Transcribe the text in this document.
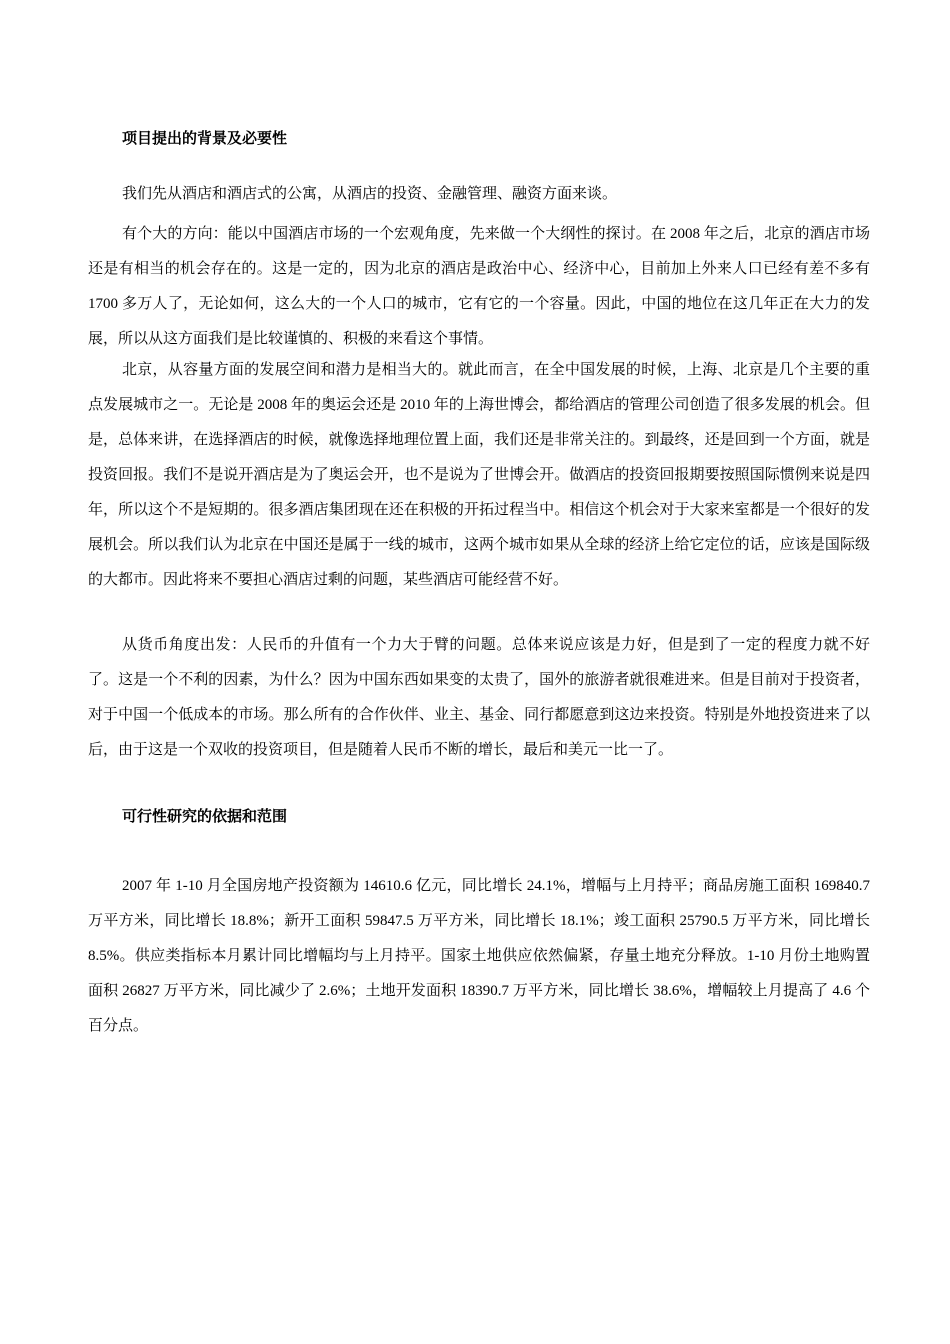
项目提出的背景及必要性

我们先从酒店和酒店式的公寓，从酒店的投资、金融管理、融资方面来谈。

有个大的方向：能以中国酒店市场的一个宏观角度，先来做一个大纲性的探讨。在 2008 年之后，北京的酒店市场还是有相当的机会存在的。这是一定的，因为北京的酒店是政治中心、经济中心，目前加上外来人口已经有差不多有 1700 多万人了，无论如何，这么大的一个人口的城市，它有它的一个容量。因此，中国的地位在这几年正在大力的发展，所以从这方面我们是比较谨慎的、积极的来看这个事情。

北京，从容量方面的发展空间和潜力是相当大的。就此而言，在全中国发展的时候，上海、北京是几个主要的重点发展城市之一。无论是 2008 年的奥运会还是 2010 年的上海世博会，都给酒店的管理公司创造了很多发展的机会。但是，总体来讲，在选择酒店的时候，就像选择地理位置上面，我们还是非常关注的。到最终，还是回到一个方面，就是投资回报。我们不是说开酒店是为了奥运会开，也不是说为了世博会开。做酒店的投资回报期要按照国际惯例来说是四年，所以这个不是短期的。很多酒店集团现在还在积极的开拓过程当中。相信这个机会对于大家来室都是一个很好的发展机会。所以我们认为北京在中国还是属于一线的城市，这两个城市如果从全球的经济上给它定位的话，应该是国际级的大都市。因此将来不要担心酒店过剩的问题，某些酒店可能经营不好。

从货币角度出发：人民币的升值有一个力大于臂的问题。总体来说应该是力好，但是到了一定的程度力就不好了。这是一个不利的因素，为什么？因为中国东西如果变的太贵了，国外的旅游者就很难进来。但是目前对于投资者，对于中国一个低成本的市场。那么所有的合作伙伴、业主、基金、同行都愿意到这边来投资。特别是外地投资进来了以后，由于这是一个双收的投资项目，但是随着人民币不断的增长，最后和美元一比一了。

可行性研究的依据和范围

2007 年 1-10 月全国房地产投资额为 14610.6 亿元，同比增长 24.1%，增幅与上月持平；商品房施工面积 169840.7 万平方米，同比增长 18.8%；新开工面积 59847.5 万平方米，同比增长 18.1%；竣工面积 25790.5 万平方米，同比增长 8.5%。供应类指标本月累计同比增幅均与上月持平。国家土地供应依然偏紧，存量土地充分释放。1-10 月份土地购置面积 26827 万平方米，同比减少了 2.6%；土地开发面积 18390.7 万平方米，同比增长 38.6%，增幅较上月提高了 4.6 个百分点。
